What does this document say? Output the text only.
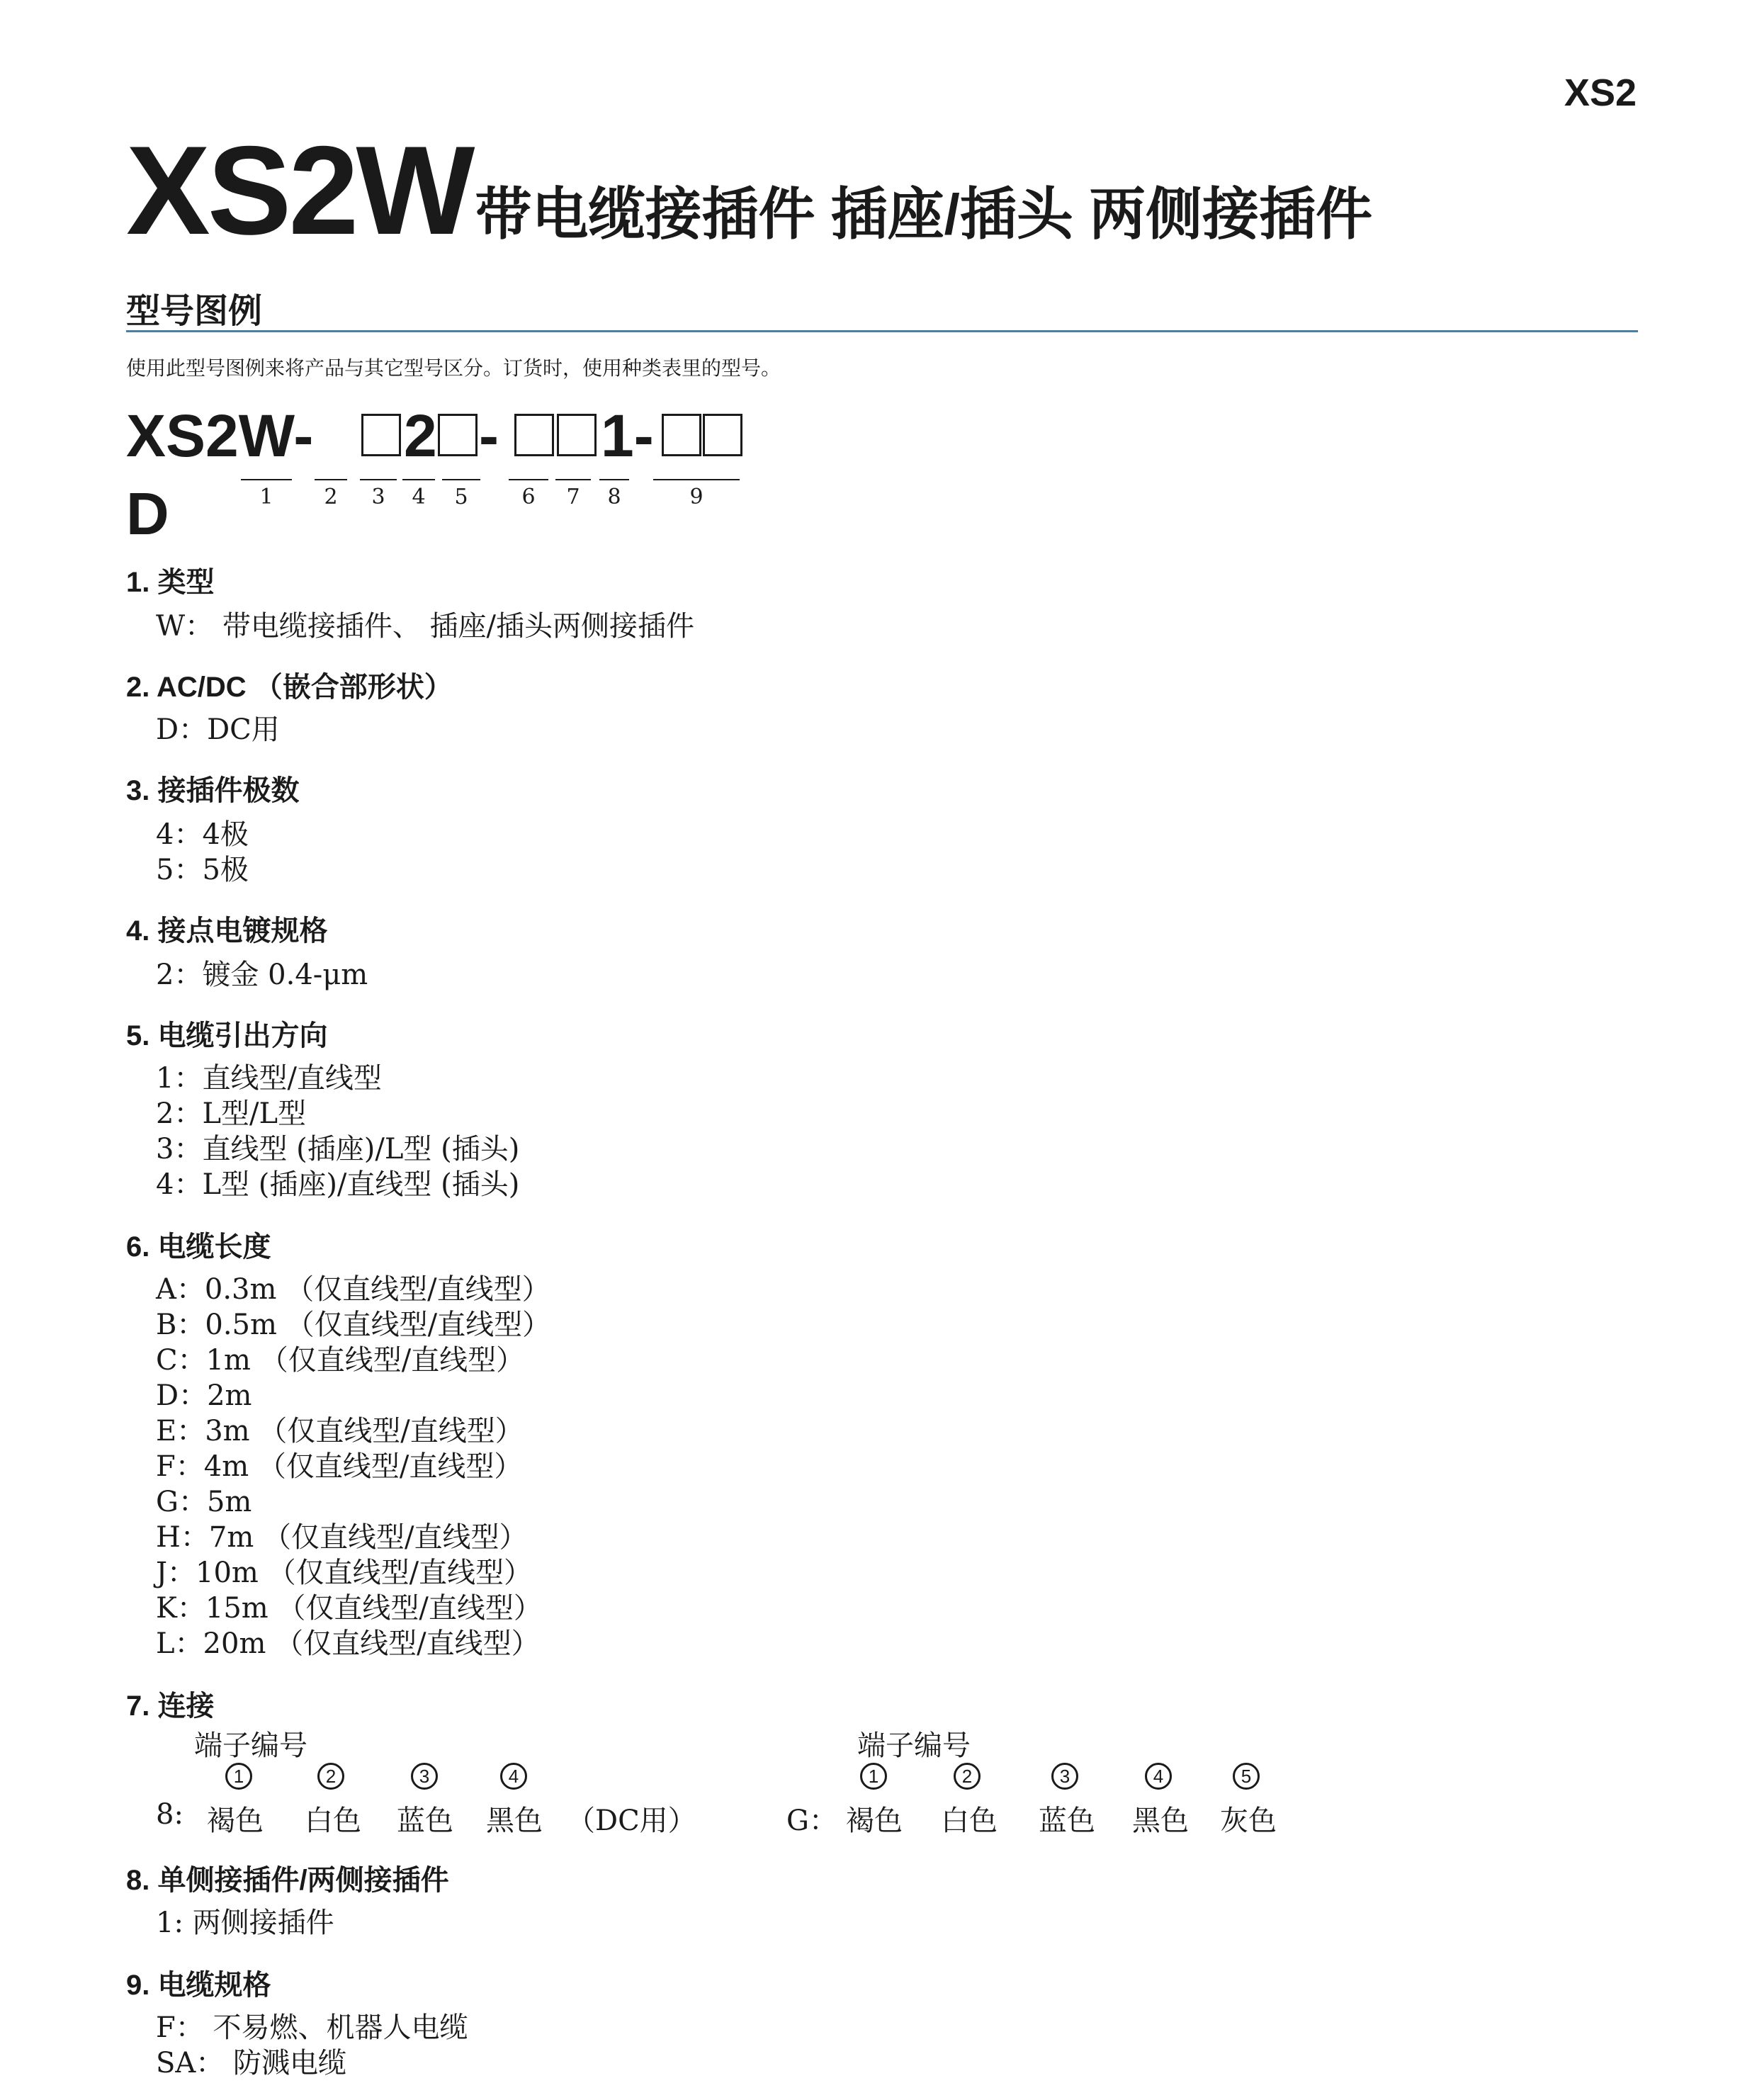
XS2
XS2W带电缆接插件 插座/插头 两侧接插件
型号图例
使用此型号图例来将产品与其它型号区分。订货时，使用种类表里的型号。
XS2W-D
2 - 1-
1	2	3	4	5	6	7	8	9
1. 类型
W： 带电缆接插件、 插座/插头两侧接插件
2. AC/DC （嵌合部形状）
D：DC用
3. 接插件极数
4：4极
5：5极
4. 接点电镀规格
2：镀金 0.4-μm
5. 电缆引出方向
1：直线型/直线型
2：L型/L型
3：直线型 (插座)/L型 (插头)
4：L型 (插座)/直线型 (插头)
6. 电缆长度
A：0.3m （仅直线型/直线型）
B：0.5m （仅直线型/直线型）
C：1m （仅直线型/直线型）
D：2m
E：3m （仅直线型/直线型）
F：4m （仅直线型/直线型）
G：5m
H：7m （仅直线型/直线型）
J：10m （仅直线型/直线型）
K：15m （仅直线型/直线型）
L：20m （仅直线型/直线型）
7. 连接
端子编号
1	2	3	4
8: 褐色 白色 蓝色 黑色 （DC用）
端子编号
1	2	3	4	5
G： 褐色 白色 蓝色 黑色 灰色
8. 单侧接插件/两侧接插件
1: 两侧接插件
9. 电缆规格
F： 不易燃、机器人电缆
SA： 防溅电缆
